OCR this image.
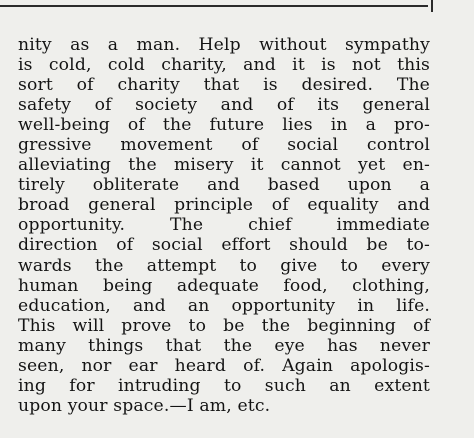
nity as a man. Help without sympathy
is cold, cold charity, and it is not this
sort of charity that is desired. The
safety of society and of its general
well-being of the future lies in a pro-
gressive movement of social control
alleviating the misery it cannot yet en-
tirely obliterate and based upon a
broad general principle of equality and
opportunity. The chief immediate
direction of social effort should be to-
wards the attempt to give to every
human being adequate food, clothing,
education, and an opportunity in life.
This will prove to be the beginning of
many things that the eye has never
seen, nor ear heard of. Again apologis-
ing for intruding to such an extent
upon your space.—I am, etc.
